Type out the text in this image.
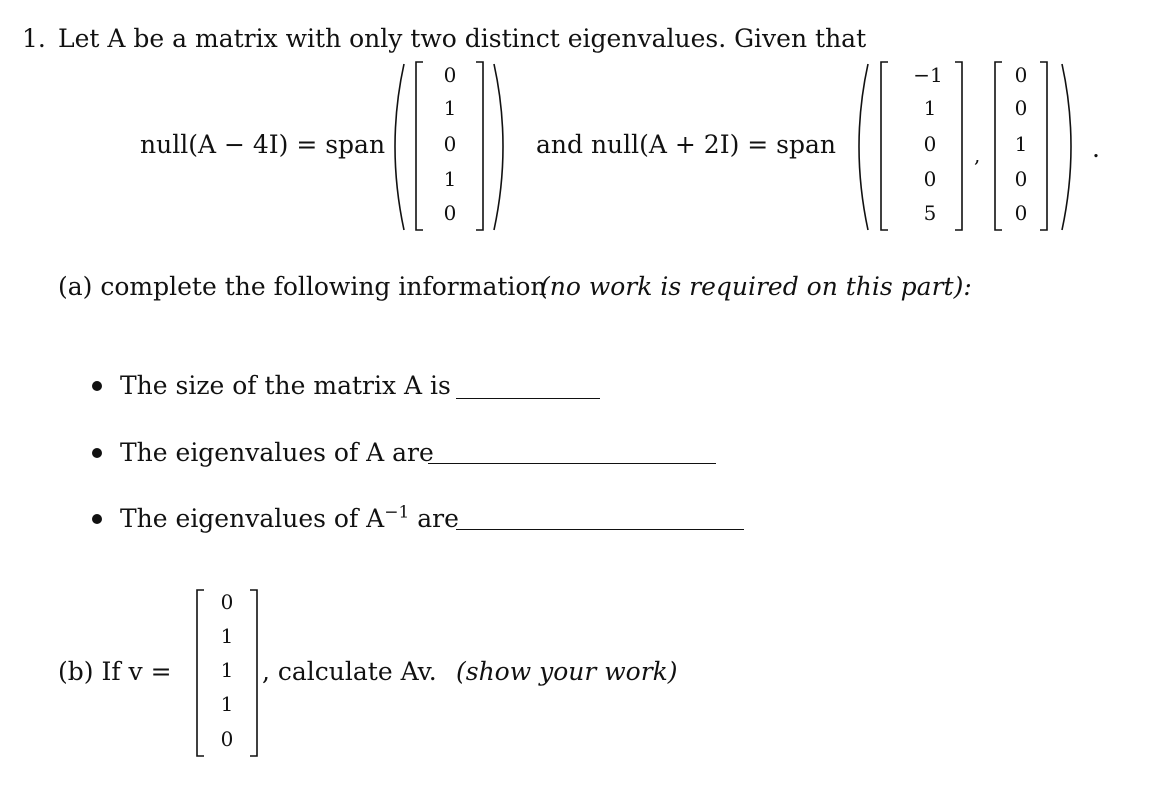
1. Let A be a matrix with only two distinct eigenvalues. Given that
null(A − 4I) = span
0
1
0
1
0
and null(A + 2I) = span
−1
1
0
0
5
,
0
0
1
0
0
.
(a) complete the following information
(no work is required on this part):
The size of the matrix A is
The eigenvalues of A are
The eigenvalues of $A^{-1}$ are
(b) If v =
0
1
1
1
0
, calculate Av. (show your work)
